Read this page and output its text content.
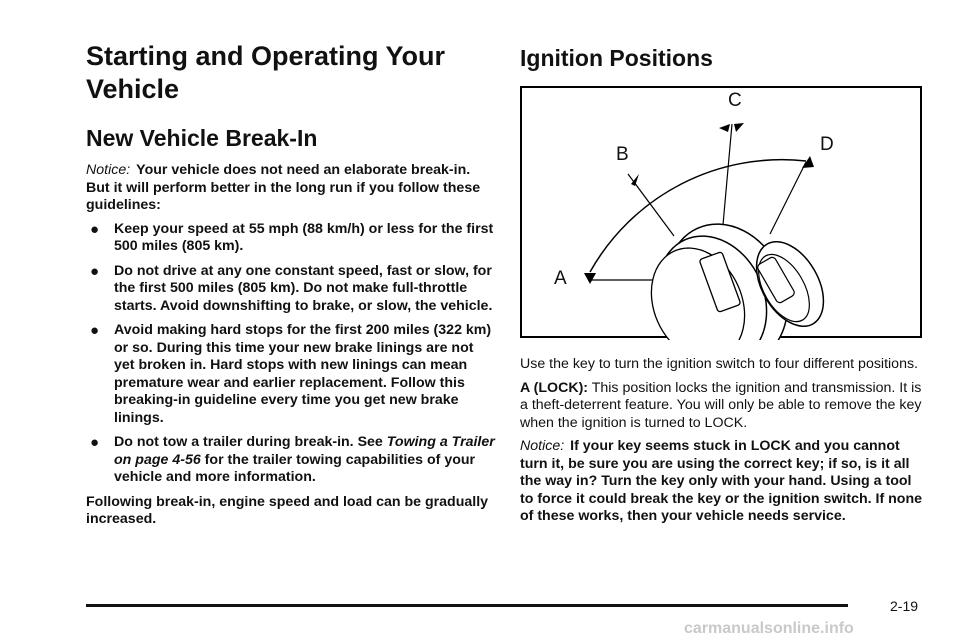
Starting and Operating Your Vehicle
New Vehicle Break-In

Notice: Your vehicle does not need an elaborate break-in. But it will perform better in the long run if you follow these guidelines:

● Keep your speed at 55 mph (88 km/h) or less for the first 500 miles (805 km).
● Do not drive at any one constant speed, fast or slow, for the first 500 miles (805 km). Do not make full-throttle starts. Avoid downshifting to brake, or slow, the vehicle.
● Avoid making hard stops for the first 200 miles (322 km) or so. During this time your new brake linings are not yet broken in. Hard stops with new linings can mean premature wear and earlier replacement. Follow this breaking-in guideline every time you get new brake linings.
● Do not tow a trailer during break-in. See Towing a Trailer on page 4-56 for the trailer towing capabilities of your vehicle and more information.

Following break-in, engine speed and load can be gradually increased.

Ignition Positions
A
B
C
D

Use the key to turn the ignition switch to four different positions.

A (LOCK): This position locks the ignition and transmission. It is a theft-deterrent feature. You will only be able to remove the key when the ignition is turned to LOCK.

Notice: If your key seems stuck in LOCK and you cannot turn it, be sure you are using the correct key; if so, is it all the way in? Turn the key only with your hand. Using a tool to force it could break the key or the ignition switch. If none of these works, then your vehicle needs service.

2-19
carmanualsonline.info
